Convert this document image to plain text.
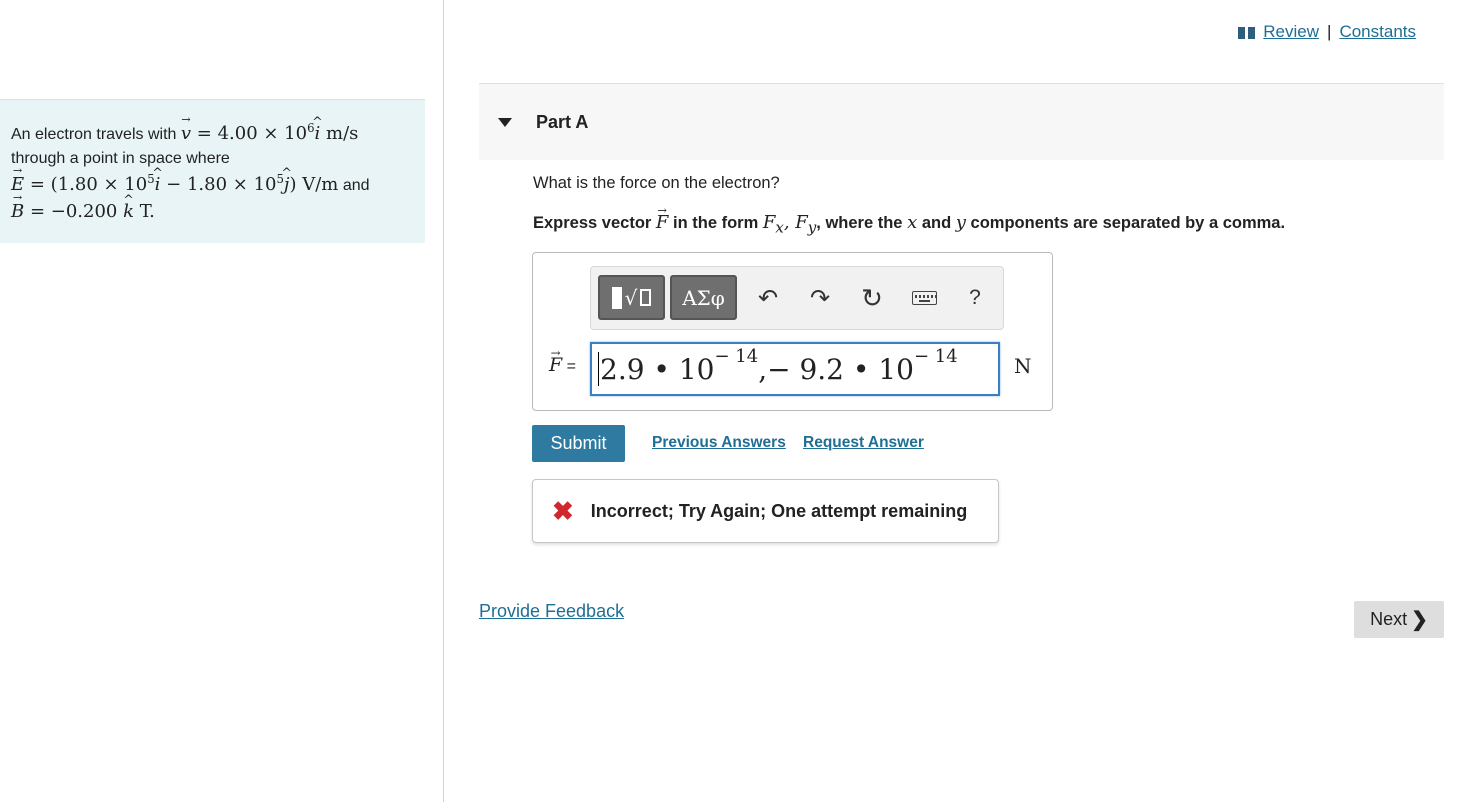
An electron travels with → $v = 4.00 \times 10^6\^{}$ i m/s
through a point in space where
→ $E = (1.80 \times 10^5\^{}$ $i - 1.80 \times 10^5\^{}$ j) V/m and
→ B = −0.200 ^ k T.
Review | Constants
Part A
What is the force on the electron?
Express vector → F in the form $F_x$, $F_y$, where the x and y components are separated by a comma.
√	ΑΣφ	↶ ↷ ↻	?
→ F = 2.9 • 10 − 14 , − 9.2 • 10 − 14	N
Submit	Previous Answers Request Answer
✖ Incorrect; Try Again; One attempt remaining
Provide Feedback	Next ❯
